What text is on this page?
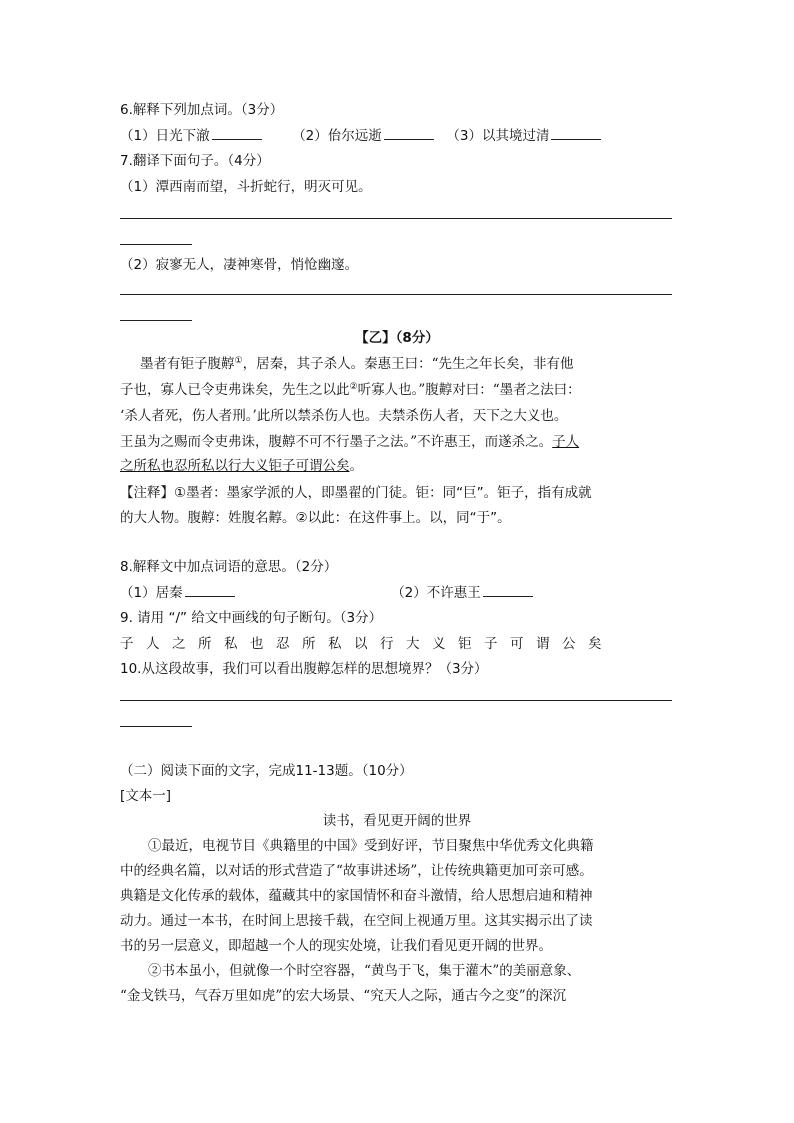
6.解释下列加点词。（3分）
（1）日光下澈	（2）佁尔远逝	（3）以其境过清
7.翻译下面句子。（4分）
（1）潭西南而望，斗折蛇行，明灭可见。
（2）寂寥无人，凄神寒骨，悄怆幽邃。
【乙】（8分）
墨者有钜子腹䵍①，居秦，其子杀人。秦惠王曰：“先生之年长矣，非有他
子也，寡人已令吏弗诛矣，先生之以此②听寡人也。”腹䵍对曰：“墨者之法曰：
‘杀人者死，伤人者刑。’此所以禁杀伤人也。夫禁杀伤人者，天下之大义也。
王虽为之赐而令吏弗诛，腹䵍不可不行墨子之法。”不许惠王，而遂杀之。子人
之所私也忍所私以行大义钜子可谓公矣。
【注释】①墨者：墨家学派的人，即墨翟的门徒。钜：同“巨”。钜子，指有成就
的大人物。腹䵍：姓腹名䵍。②以此：在这件事上。以，同“于”。
8.解释文中加点词语的意思。（2分）
（1）居秦	（2）不许惠王
9. 请用 “/” 给文中画线的句子断句。（3分）
子人之所私也忍所私以行大义钜子可谓公矣
10.从这段故事，我们可以看出腹䵍怎样的思想境界？（3分）
（二）阅读下面的文字，完成11-13题。（10分）
[文本一]
读书，看见更开阔的世界
①最近，电视节目《典籍里的中国》受到好评，节目聚焦中华优秀文化典籍
中的经典名篇，以对话的形式营造了“故事讲述场”，让传统典籍更加可亲可感。
典籍是文化传承的载体，蕴藏其中的家国情怀和奋斗激情，给人思想启迪和精神
动力。通过一本书，在时间上思接千载，在空间上视通万里。这其实揭示出了读
书的另一层意义，即超越一个人的现实处境，让我们看见更开阔的世界。
②书本虽小，但就像一个时空容器，“黄鸟于飞，集于灌木”的美丽意象、
“金戈铁马，气吞万里如虎”的宏大场景、“究天人之际，通古今之变”的深沉
